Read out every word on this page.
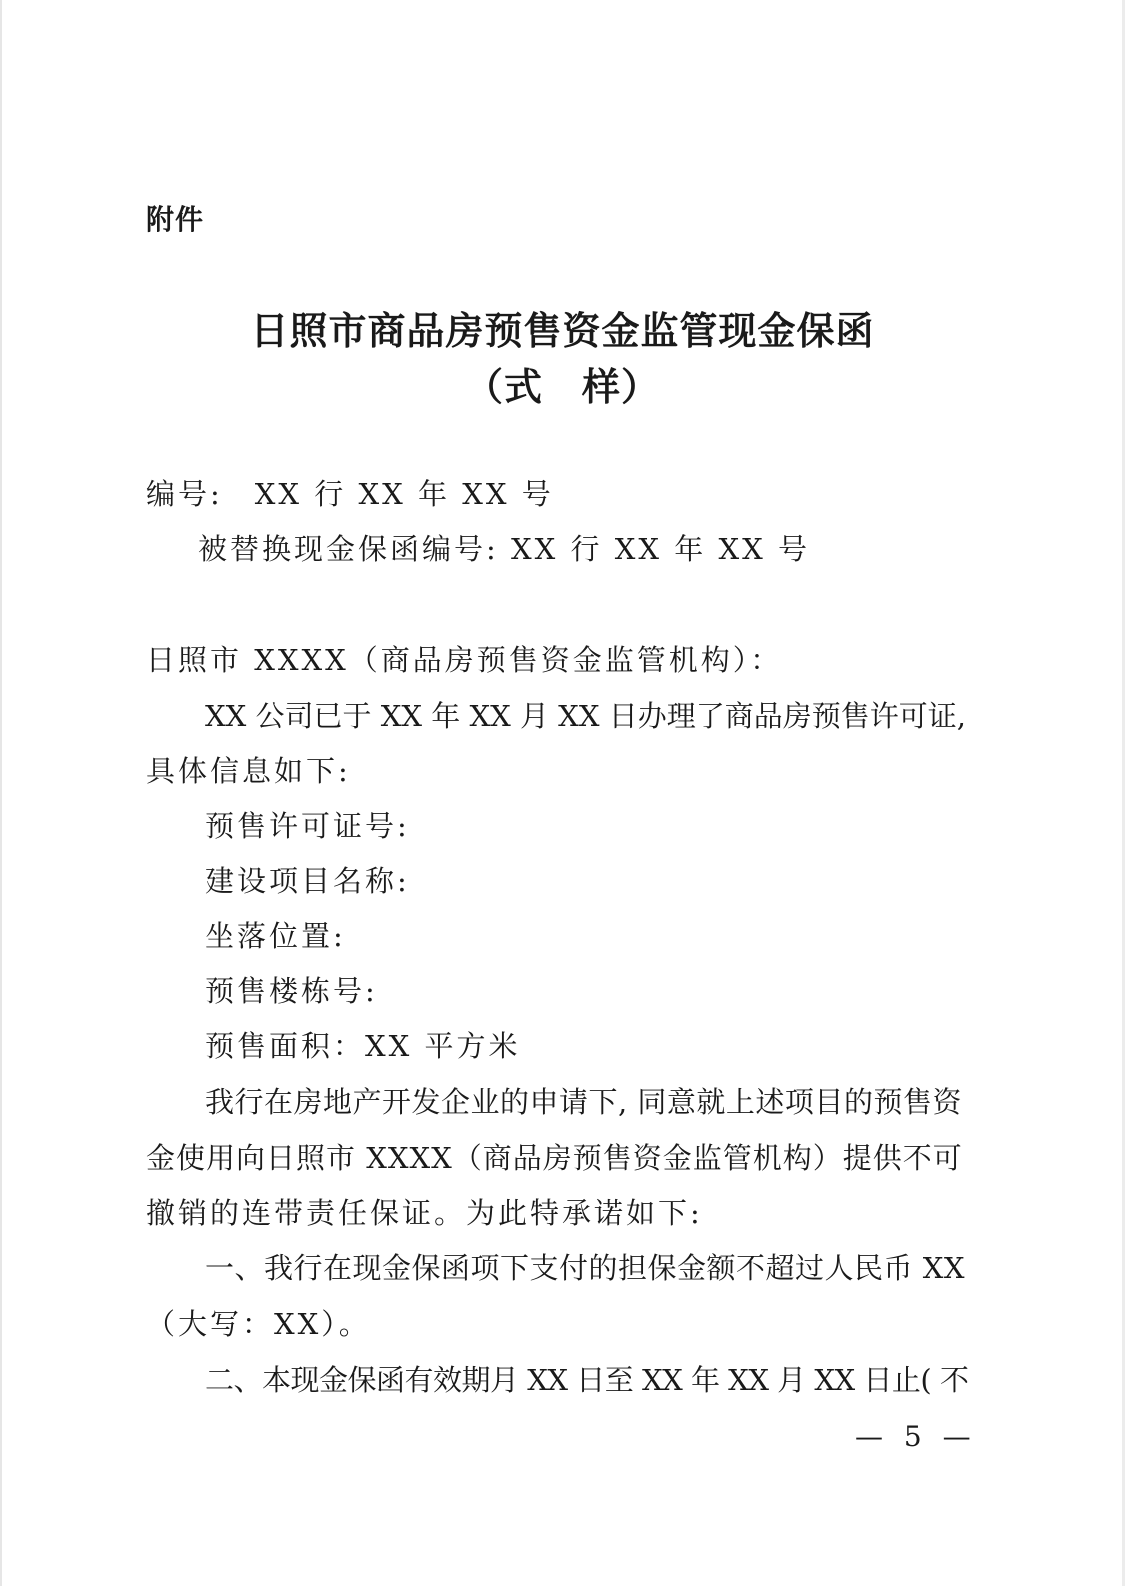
附件
日照市商品房预售资金监管现金保函
（式　样）
编号:　XX 行 XX 年 XX 号
被替换现金保函编号: XX 行 XX 年 XX 号
日照市 XXXX（商品房预售资金监管机构）：
XX 公司已于 XX 年 XX 月 XX 日办理了商品房预售许可证,
具体信息如下:
预售许可证号:
建设项目名称:
坐落位置:
预售楼栋号:
预售面积：XX 平方米
我行在房地产开发企业的申请下, 同意就上述项目的预售资
金使用向日照市 XXXX（商品房预售资金监管机构）提供不可
撤销的连带责任保证。为此特承诺如下:
一、我行在现金保函项下支付的担保金额不超过人民币 XX
（大写：XX）。
二、本现金保函有效期月 XX 日至 XX 年 XX 月 XX 日止( 不
— 5 —
